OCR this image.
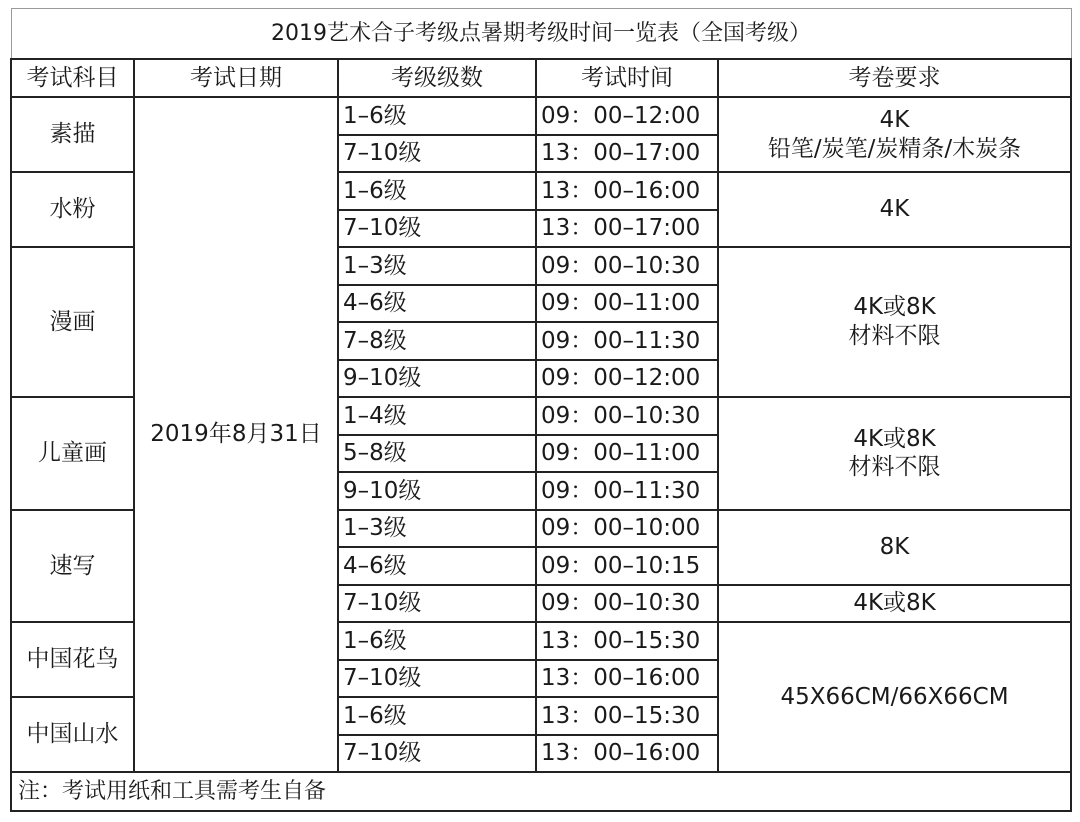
2019艺术合子考级点暑期考级时间一览表（全国考级）				
考试科目	考试日期	考级级数	考试时间	考卷要求
素描	2019年8月31日	1–6级	09：00–12:00	4K
铅笔/炭笔/炭精条/木炭条

		7–10级	13：00–17:00	
水粉		1–6级	13：00–16:00	4K
		7–10级	13：00–17:00	
漫画		1–3级	09：00–10:30	4K或8K
材料不限

		4–6级	09：00–11:00	
		7–8级	09：00–11:30	
		9–10级	09：00–12:00	
儿童画		1–4级	09：00–10:30	4K或8K
材料不限

		5–8级	09：00–11:00	
		9–10级	09：00–11:30	
速写		1–3级	09：00–10:00	8K
		4–6级	09：00–10:15	
		7–10级	09：00–10:30	4K或8K
中国花鸟		1–6级	13：00–15:30	45X66CM/66X66CM
		7–10级	13：00–16:00	
中国山水		1–6级	13：00–15:30	
		7–10级	13：00–16:00	
注：考试用纸和工具需考生自备				
